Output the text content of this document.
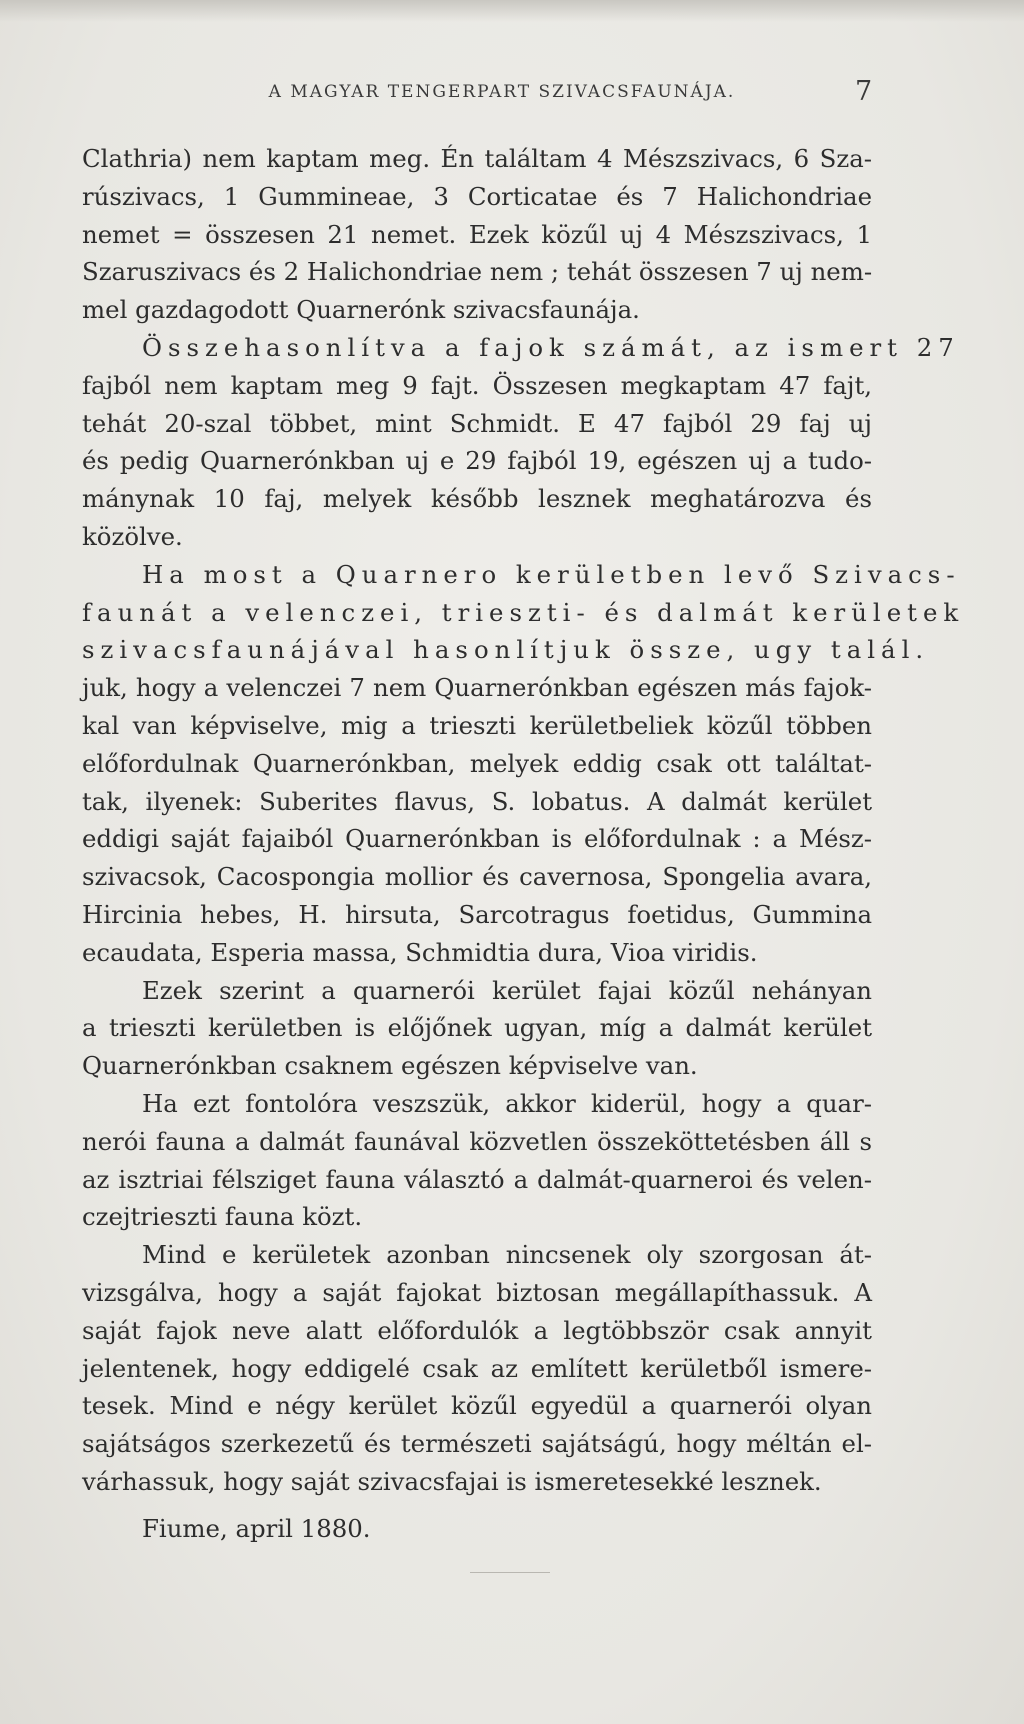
A MAGYAR TENGERPART SZIVACSFAUNÁJA.	7
Clathria) nem kaptam meg. Én találtam 4 Mészszivacs, 6 Sza-
rúszivacs, 1 Gummineae, 3 Corticatae és 7 Halichondriae
nemet = összesen 21 nemet. Ezek közűl uj 4 Mészszivacs, 1
Szaruszivacs és 2 Halichondriae nem ; tehát összesen 7 uj nem-
mel gazdagodott Quarnerónk szivacsfaunája.
Összehasonlítva a fajok számát, az ismert 27
fajból nem kaptam meg 9 fajt. Összesen megkaptam 47 fajt,
tehát 20-szal többet, mint Schmidt. E 47 fajból 29 faj uj
és pedig Quarnerónkban uj e 29 fajból 19, egészen uj a tudo-
mánynak 10 faj, melyek később lesznek meghatározva és
közölve.
Ha most a Quarnero kerületben levő Szivacs-
faunát a velenczei, trieszti- és dalmát kerületek
szivacsfaunájával hasonlítjuk össze, ugy talál.
juk, hogy a velenczei 7 nem Quarnerónkban egészen más fajok-
kal van képviselve, mig a trieszti kerületbeliek közűl többen
előfordulnak Quarnerónkban, melyek eddig csak ott találtat-
tak, ilyenek: Suberites flavus, S. lobatus. A dalmát kerület
eddigi saját fajaiból Quarnerónkban is előfordulnak : a Mész-
szivacsok, Cacospongia mollior és cavernosa, Spongelia avara,
Hircinia hebes, H. hirsuta, Sarcotragus foetidus, Gummina
ecaudata, Esperia massa, Schmidtia dura, Vioa viridis.
Ezek szerint a quarnerói kerület fajai közűl nehányan
a trieszti kerületben is előjőnek ugyan, míg a dalmát kerület
Quarnerónkban csaknem egészen képviselve van.
Ha ezt fontolóra veszszük, akkor kiderül, hogy a quar-
nerói fauna a dalmát faunával közvetlen összeköttetésben áll s
az isztriai félsziget fauna választó a dalmát-quarneroi és velen-
czejtrieszti fauna közt.
Mind e kerületek azonban nincsenek oly szorgosan át-
vizsgálva, hogy a saját fajokat biztosan megállapíthassuk. A
saját fajok neve alatt előfordulók a legtöbbször csak annyit
jelentenek, hogy eddigelé csak az említett kerületből ismere-
tesek. Mind e négy kerület közűl egyedül a quarnerói olyan
sajátságos szerkezetű és természeti sajátságú, hogy méltán el-
várhassuk, hogy saját szivacsfajai is ismeretesekké lesznek.
Fiume, april 1880.
